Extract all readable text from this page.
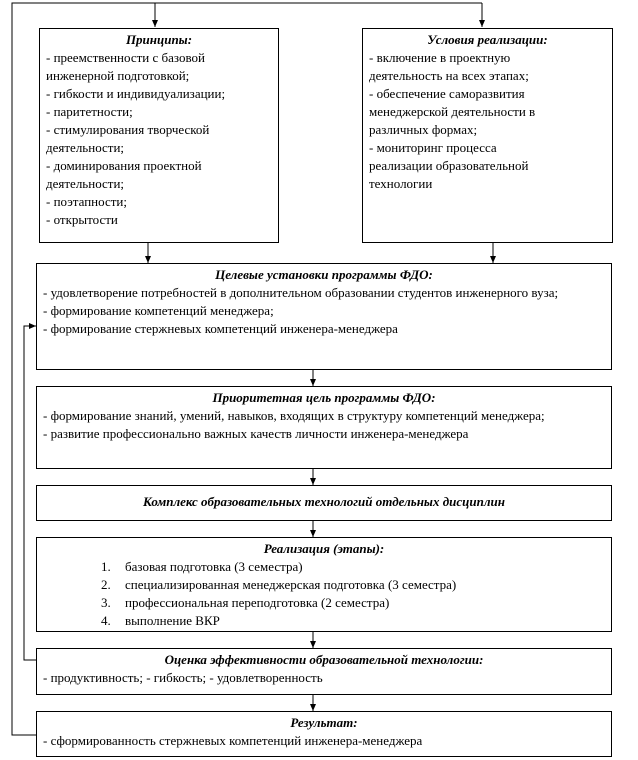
Принципы:
- преемственности с базовой
инженерной подготовкой;
- гибкости и индивидуализации;
- паритетности;
- стимулирования творческой
деятельности;
- доминирования проектной
деятельности;
- поэтапности;
- открытости
Условия реализации:
- включение в проектную
деятельность на всех этапах;
- обеспечение саморазвития
менеджерской деятельности в
различных формах;
- мониторинг процесса
реализации образовательной
технологии
Целевые установки программы ФДО:
- удовлетворение потребностей в дополнительном образовании студентов инженерного вуза;
- формирование компетенций менеджера;
- формирование стержневых компетенций инженера-менеджера
Приоритетная цель программы ФДО:
- формирование знаний, умений, навыков, входящих в структуру компетенций менеджера;
- развитие профессионально важных качеств личности инженера-менеджера
Комплекс образовательных технологий отдельных дисциплин
Реализация (этапы):
1. базовая подготовка (3 семестра)
2. специализированная менеджерская подготовка (3 семестра)
3. профессиональная переподготовка (2 семестра)
4. выполнение ВКР
Оценка эффективности образовательной технологии:
- продуктивность; - гибкость; - удовлетворенность
Результат:
- сформированность стержневых компетенций инженера-менеджера
